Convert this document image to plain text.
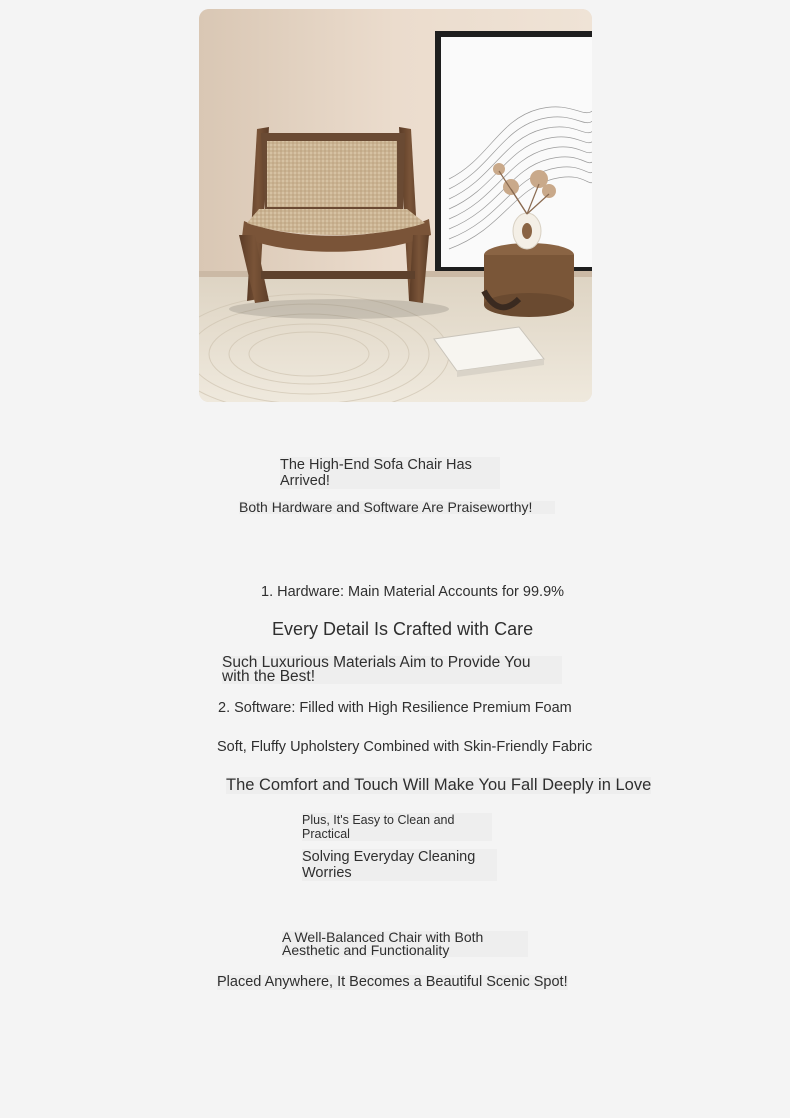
The High-End Sofa Chair Has Arrived!

Both Hardware and Software Are Praiseworthy!

1. Hardware: Main Material Accounts for 99.9%

Every Detail Is Crafted with Care

Such Luxurious Materials Aim to Provide You with the Best!

2. Software: Filled with High Resilience Premium Foam

Soft, Fluffy Upholstery Combined with Skin-Friendly Fabric

The Comfort and Touch Will Make You Fall Deeply in Love

Plus, It's Easy to Clean and Practical

Solving Everyday Cleaning Worries

A Well-Balanced Chair with Both Aesthetic and Functionality

Placed Anywhere, It Becomes a Beautiful Scenic Spot!
